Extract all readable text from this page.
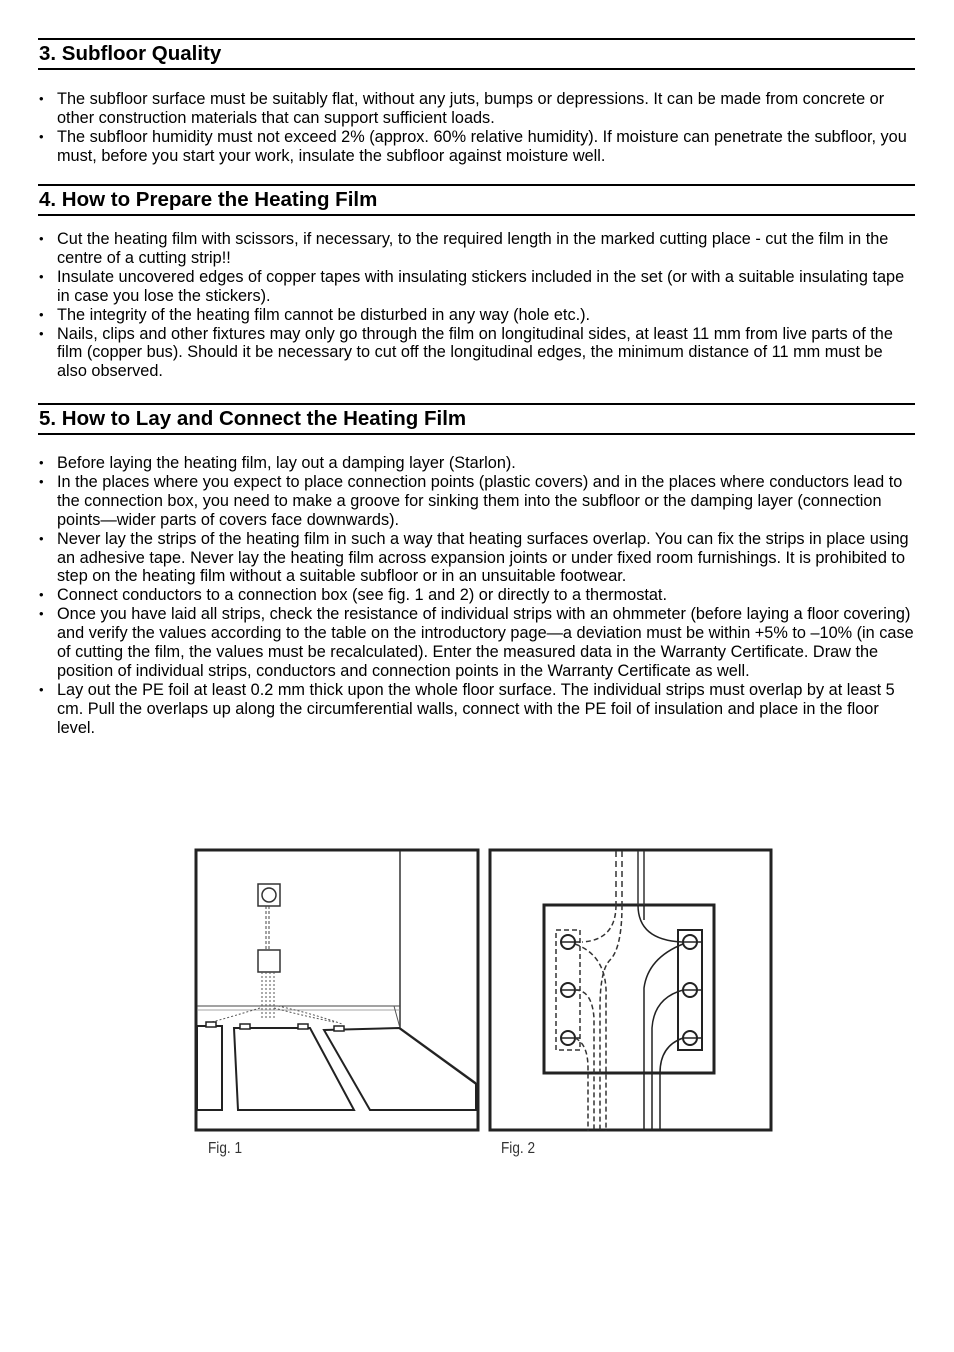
3. Subfloor Quality
• The subfloor surface must be suitably flat, without any juts, bumps or depressions. It can be made from concrete or other construction materials that can support sufficient loads.
• The subfloor humidity must not exceed 2% (approx. 60% relative humidity). If moisture can penetrate the subfloor, you must, before you start your work, insulate the subfloor against moisture well.
4. How to Prepare the Heating Film
• Cut the heating film with scissors, if necessary, to the required length in the marked cutting place - cut the film in the centre of a cutting strip!!
• Insulate uncovered edges of copper tapes with insulating stickers included in the set (or with a suitable insulating tape in case you lose the stickers).
• The integrity of the heating film cannot be disturbed in any way (hole etc.).
• Nails, clips and other fixtures may only go through the film on longitudinal sides, at least 11 mm from live parts of the film (copper bus). Should it be necessary to cut off the longitudinal edges, the minimum distance of 11 mm must be also observed.
5. How to Lay and Connect the Heating Film
• Before laying the heating film, lay out a damping layer (Starlon).
• In the places where you expect to place connection points (plastic covers) and in the places where conductors lead to the connection box, you need to make a groove for sinking them into the subfloor or the damping layer (connection points—wider parts of covers face downwards).
• Never lay the strips of the heating film in such a way that heating surfaces overlap. You can fix the strips in place using an adhesive tape. Never lay the heating film across expansion joints or under fixed room furnishings. It is prohibited to step on the heating film without a suitable subfloor or in an unsuitable footwear.
• Connect conductors to a connection box (see fig. 1 and 2) or directly to a thermostat.
• Once you have laid all strips, check the resistance of individual strips with an ohmmeter (before laying a floor covering) and verify the values according to the table on the introductory page—a deviation must be within +5% to –10% (in case of cutting the film, the values must be recalculated). Enter the measured data in the Warranty Certificate. Draw the position of individual strips, conductors and connection points in the Warranty Certificate as well.
• Lay out the PE foil at least 0.2 mm thick upon the whole floor surface. The individual strips must overlap by at least 5 cm. Pull the overlaps up along the circumferential walls, connect with the PE foil of insulation and place in the floor level.
Fig. 1	Fig. 2
